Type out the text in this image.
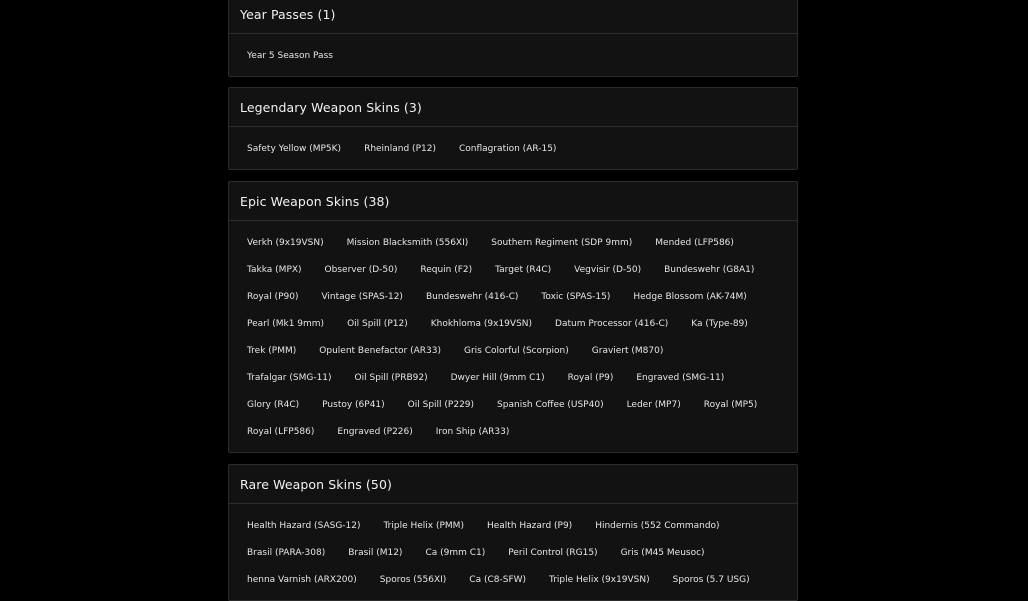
Year Passes (1)
Year 5 Season Pass
Legendary Weapon Skins (3)
Safety Yellow (MP5K)	Rheinland (P12)	Conflagration (AR-15)
Epic Weapon Skins (38)
Verkh (9x19VSN)	Mission Blacksmith (556XI)	Southern Regiment (SDP 9mm)	Mended (LFP586)
Takka (MPX)	Observer (D-50)	Requin (F2)	Target (R4C)	Vegvisir (D-50)	Bundeswehr (G8A1)
Royal (P90)	Vintage (SPAS-12)	Bundeswehr (416-C)	Toxic (SPAS-15)	Hedge Blossom (AK-74M)
Pearl (Mk1 9mm)	Oil Spill (P12)	Khokhloma (9x19VSN)	Datum Processor (416-C)	Ka (Type-89)
Trek (PMM)	Opulent Benefactor (AR33)	Gris Colorful (Scorpion)	Graviert (M870)
Trafalgar (SMG-11)	Oil Spill (PRB92)	Dwyer Hill (9mm C1)	Royal (P9)	Engraved (SMG-11)
Glory (R4C)	Pustoy (6P41)	Oil Spill (P229)	Spanish Coffee (USP40)	Leder (MP7)	Royal (MP5)
Royal (LFP586)	Engraved (P226)	Iron Ship (AR33)
Rare Weapon Skins (50)
Health Hazard (SASG-12)	Triple Helix (PMM)	Health Hazard (P9)	Hindernis (552 Commando)
Brasil (PARA-308)	Brasil (M12)	Ca (9mm C1)	Peril Control (RG15)	Gris (M45 Meusoc)
henna Varnish (ARX200)	Sporos (556XI)	Ca (C8-SFW)	Triple Helix (9x19VSN)	Sporos (5.7 USG)
